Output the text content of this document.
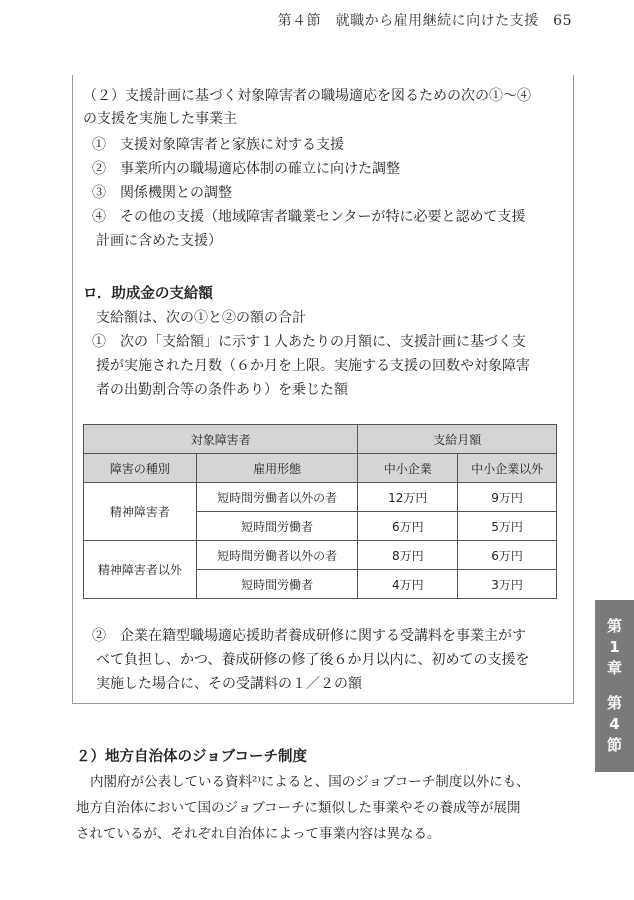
第４節　就職から雇用継続に向けた支援　65
（２）支援計画に基づく対象障害者の職場適応を図るための次の①～④
の支援を実施した事業主
①　支援対象障害者と家族に対する支援
②　事業所内の職場適応体制の確立に向けた調整
③　関係機関との調整
④　その他の支援（地域障害者職業センターが特に必要と認めて支援
計画に含めた支援）
ロ．助成金の支給額
支給額は、次の①と②の額の合計
①　次の「支給額」に示す１人あたりの月額に、支援計画に基づく支
援が実施された月数（６か月を上限。実施する支援の回数や対象障害
者の出勤割合等の条件あり）を乗じた額
対象障害者		支給月額	
障害の種別	雇用形態	中小企業	中小企業以外
精神障害者	短時間労働者以外の者	12万円	9万円
	短時間労働者	6万円	5万円
精神障害者以外	短時間労働者以外の者	8万円	6万円
	短時間労働者	4万円	3万円
②　企業在籍型職場適応援助者養成研修に関する受講料を事業主がす
べて負担し、かつ、養成研修の修了後６か月以内に、初めての支援を
実施した場合に、その受講料の１／２の額
２）地方自治体のジョブコーチ制度
内閣府が公表している資料²⁾によると、国のジョブコーチ制度以外にも、
地方自治体において国のジョブコーチに類似した事業やその養成等が展開
されているが、それぞれ自治体によって事業内容は異なる。
第
1
章
第
4
節
